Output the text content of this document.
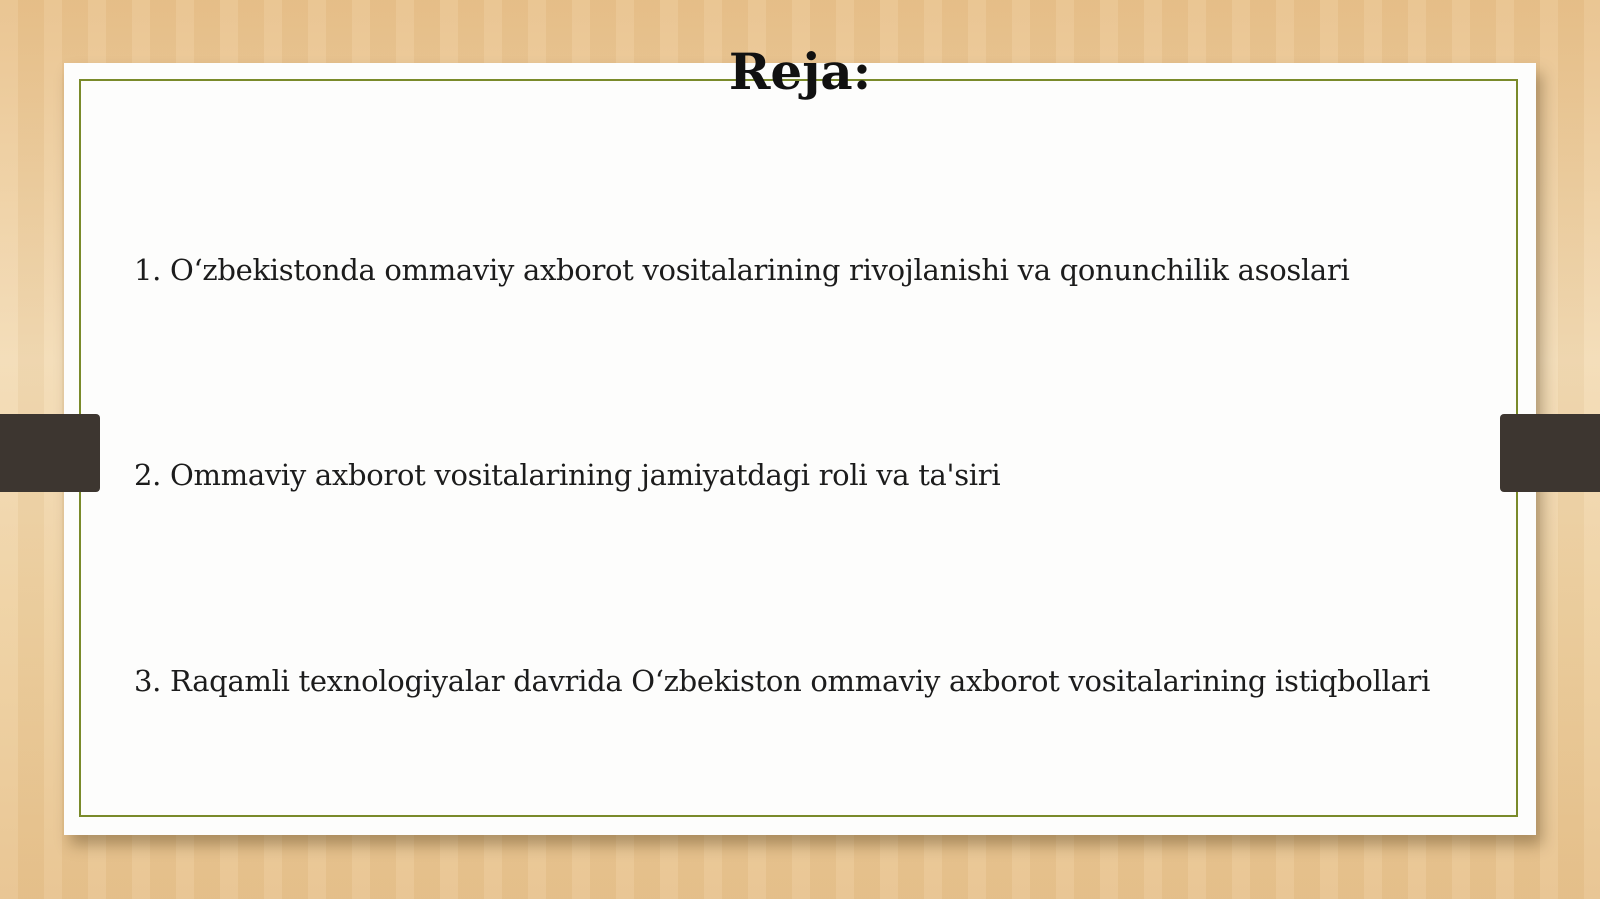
Reja:
1. O‘zbekistonda ommaviy axborot vositalarining rivojlanishi va qonunchilik asoslari
2. Ommaviy axborot vositalarining jamiyatdagi roli va ta'siri
3. Raqamli texnologiyalar davrida O‘zbekiston ommaviy axborot vositalarining istiqbollari
